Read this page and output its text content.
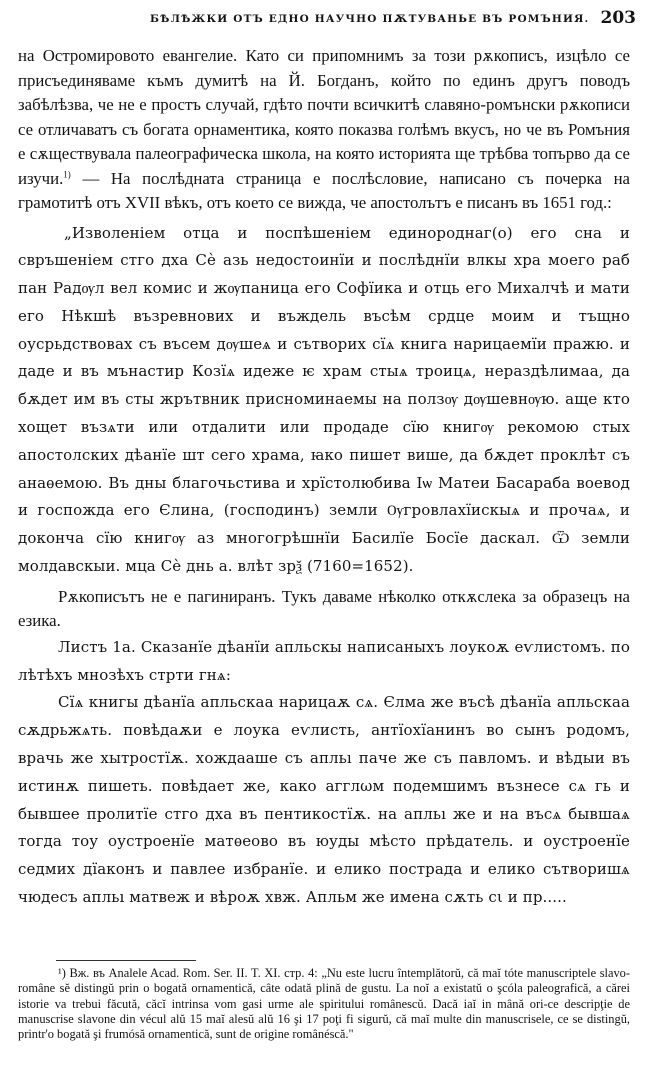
БѢЛѢЖКИ ОТЪ ЕДНО НАУЧНО ПѪТУВАНЬЕ ВЪ РОМЪНИЯ. 203
на Остромировото евангелие. Като си припомнимъ за този рѫкописъ, изцѣло се присъединяваме къмъ думитѣ на Й. Богданъ, който по единъ другъ поводъ забѣлѣзва, че не е простъ случай, гдѣто почти всичкитѣ славяно-ромънски рѫкописи се отличаватъ съ богата орнаментика, която показва голѣмъ вкусъ, но че въ Ромъния е сѫществувала палеографическа школа, на която историята ще трѣбва топърво да се изучи.$^{1)}$ — На послѣдната страница е послѣсловие, написано съ почерка на грамотитѣ отъ XVII вѣкъ, отъ което се вижда, че апостолътъ е писанъ въ 1651 год.:
„Изволеніем отца и поспѣшеніем единороднаг(о) его сна и свръшеніем стго дха Сѐ азь недостоинїи и послѣднїи влкы хра моего раб пан Радѹл вел комис и жѹпаница его Софїика и отць его Михалчѣ и мати его Нѣкшѣ възревнових и въждель въсѣм срдце моим и тъщно оусрьдствовах съ въсем дѹшеѧ и сътворих сїѧ книга нарицаемїи пражю. и даде и въ мънастир Козїѧ идеже ѥ храм стыѧ троицѧ, нераздѣлимаа, да бѫдет им въ сты жрътвник присноминаемы на ползѹ дѹшевнѹю. аще кто хощет възѧти или отдалити или продаде сїю книгѹ рекомою стых апостолских дѣанїе шт сего храма, ꙗко пишет више, да бѫдет проклѣт съ анаѳемою. Въ дны благочьстива и хрїстолюбива Іѡ Матеи Басараба воевод и госпожда его Єлина, (господинъ) земли Ѹгровлахїискыѧ и прочаѧ, и доконча сїю книгѹ аз многогрѣшнїи Басилїе Босїе даскал. Ѿ земли молдавскыи. мца Сѐ днь а. влѣт зрѯ (7160=1652).
Рѫкописътъ не е пагиниранъ. Тукъ даваме нѣколко откѫслека за образецъ на езика.
Листъ 1а. Сказанїе дѣанїи апльскы написаныхъ лоукоѫ еѵлистомъ. по лѣтѣхъ мнозѣхъ стрти гнѧ:
Сїѧ книгы дѣанїа апльскаа нарицаѫ сѧ. Єлма же въсѣ дѣанїа апльскаа сѫдрьжѧть. повѣдаѫи е лоука еѵлисть, антїохїанинъ во сынъ родомъ, врачь же хытростїѫ. хождааше съ апльı паче же съ павломъ. и вѣдыи въ истинѫ пишеть. повѣдает же, како агглωм подемшимъ възнесе сѧ гь и бывшее пролитїе стго дха въ пентикостїѫ. на апльı же и на въсѧ бывшаѧ тогда тоу оустроенїе матѳеово въ юуды мѣсто прѣдатель. и оустроенїе седмих дїаконъ и павлее избранїе. и елико пострада и елико сътворишѧ чюдесъ апльı матвеж и вѣроѫ хвж. Апльм же имена сѫть сι и пр.....
¹) Вж. въ Analele Acad. Rom. Ser. II. T. XI. стр. 4: „Nu este lucru întemplătorŭ, că maĭ tóte manuscriptele slavo-române sĕ distingŭ prin o bogată ornamentică, câte odată plină de gustu. La noĭ a existatŭ o şcóla paleografică, a cărei istorie va trebui făcută, căcĭ intrinsa vom gasi urme ale spiritului românescŭ. Dacă iaĭ in mână ori-ce descripţie de manuscrise slavone din vécul alŭ 15 maĭ alesŭ alŭ 16 şi 17 poţi fi sigurŭ, că maĭ multe din manuscrisele, ce se distingŭ, printr'o bogată şi frumósă ornamentică, sunt de origine românéscă."
